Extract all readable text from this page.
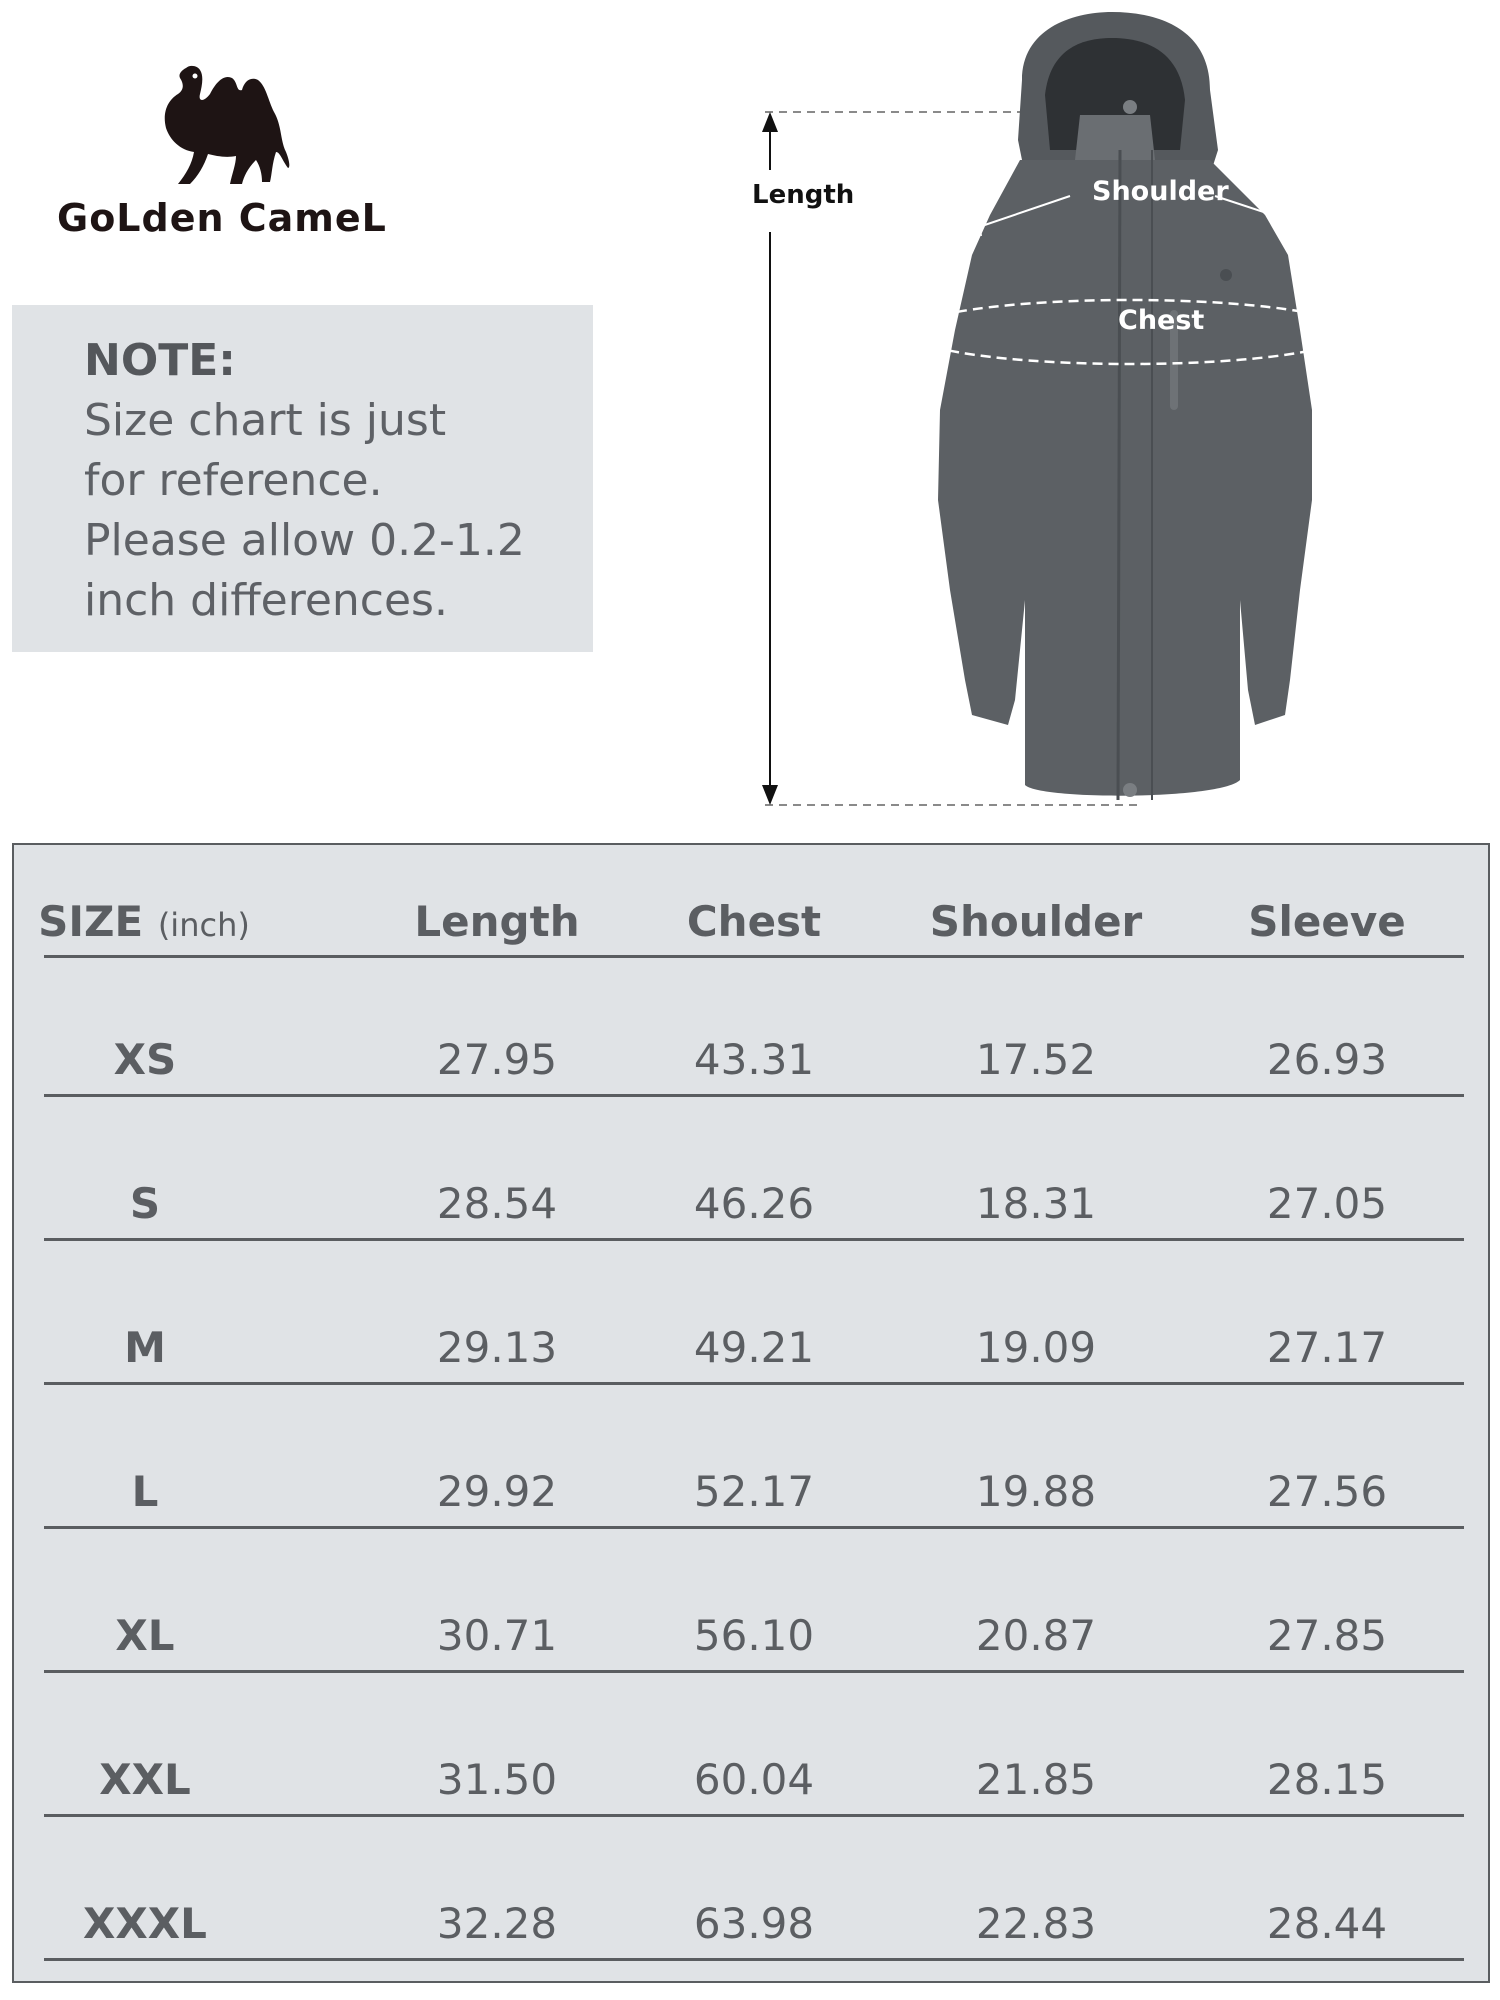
GoLden CameL
NOTE:
Size chart is just
for reference.
Please allow 0.2-1.2
inch differences.
Length	Shoulder
Chest
Sleeve
SIZE (inch)	Length	Chest	Shoulder	Sleeve
XS	27.95	43.31	17.52	26.93
S	28.54	46.26	18.31	27.05
M	29.13	49.21	19.09	27.17
L	29.92	52.17	19.88	27.56
XL	30.71	56.10	20.87	27.85
XXL	31.50	60.04	21.85	28.15
XXXL	32.28	63.98	22.83	28.44
